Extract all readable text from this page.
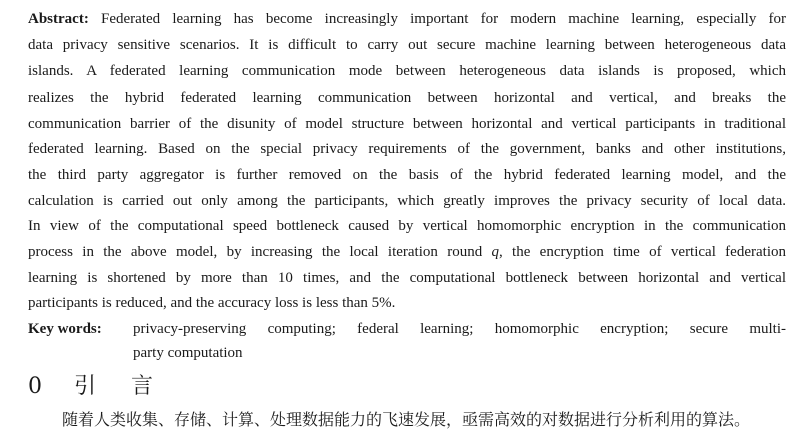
Abstract: Federated learning has become increasingly important for modern machine learning, especially for
data privacy sensitive scenarios. It is difficult to carry out secure machine learning between heterogeneous data
islands. A federated learning communication mode between heterogeneous data islands is proposed, which
realizes the hybrid federated learning communication between horizontal and vertical, and breaks the
communication barrier of the disunity of model structure between horizontal and vertical participants in traditional
federated learning. Based on the special privacy requirements of the government, banks and other institutions,
the third party aggregator is further removed on the basis of the hybrid federated learning model, and the
calculation is carried out only among the participants, which greatly improves the privacy security of local data.
In view of the computational speed bottleneck caused by vertical homomorphic encryption in the communication
process in the above model, by increasing the local iteration round q, the encryption time of vertical federation
learning is shortened by more than 10 times, and the computational bottleneck between horizontal and vertical
participants is reduced, and the accuracy loss is less than 5%.
Key words: privacy-preserving computing; federal learning; homomorphic encryption; secure multi-
party computation
0 引 言
随着人类收集、存储、计算、处理数据能力的飞速发展，亟需高效的对数据进行分析利用的算法。
